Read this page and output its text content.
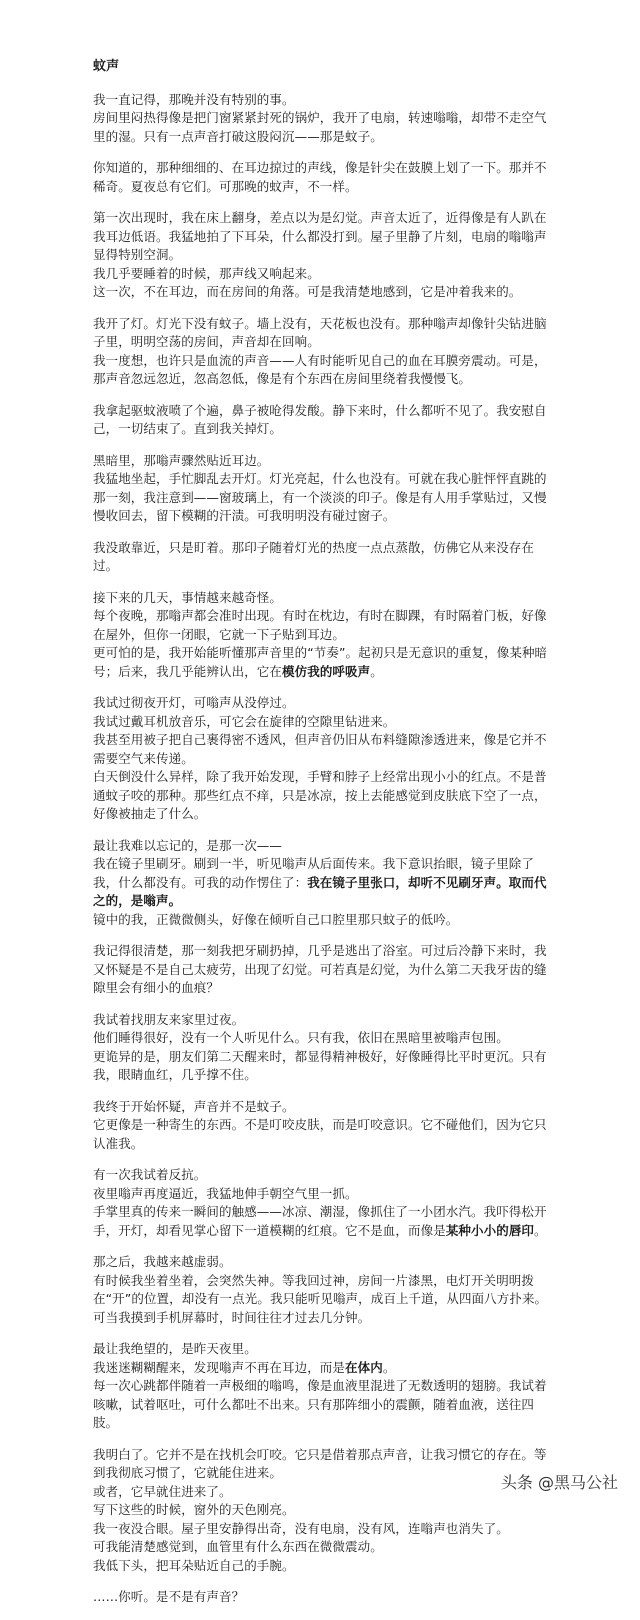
蚊声
我一直记得，那晚并没有特别的事。
房间里闷热得像是把门窗紧紧封死的锅炉，我开了电扇，转速嗡嗡，却带不走空气里的湿。只有一点声音打破这股闷沉——那是蚊子。
你知道的，那种细细的、在耳边掠过的声线，像是针尖在鼓膜上划了一下。那并不稀奇。夏夜总有它们。可那晚的蚊声，不一样。
第一次出现时，我在床上翻身，差点以为是幻觉。声音太近了，近得像是有人趴在我耳边低语。我猛地拍了下耳朵，什么都没打到。屋子里静了片刻，电扇的嗡嗡声显得特别空洞。
我几乎要睡着的时候，那声线又响起来。
这一次，不在耳边，而在房间的角落。可是我清楚地感到，它是冲着我来的。
我开了灯。灯光下没有蚊子。墙上没有，天花板也没有。那种嗡声却像针尖钻进脑子里，明明空荡的房间，声音却在回响。
我一度想，也许只是血流的声音——人有时能听见自己的血在耳膜旁震动。可是，那声音忽远忽近，忽高忽低，像是有个东西在房间里绕着我慢慢飞。
我拿起驱蚊液喷了个遍，鼻子被呛得发酸。静下来时，什么都听不见了。我安慰自己，一切结束了。直到我关掉灯。
黑暗里，那嗡声骤然贴近耳边。
我猛地坐起，手忙脚乱去开灯。灯光亮起，什么也没有。可就在我心脏怦怦直跳的那一刻，我注意到——窗玻璃上，有一个淡淡的印子。像是有人用手掌贴过，又慢慢收回去，留下模糊的汗渍。可我明明没有碰过窗子。
我没敢靠近，只是盯着。那印子随着灯光的热度一点点蒸散，仿佛它从来没存在过。
接下来的几天，事情越来越奇怪。
每个夜晚，那嗡声都会准时出现。有时在枕边，有时在脚踝，有时隔着门板，好像在屋外，但你一闭眼，它就一下子贴到耳边。
更可怕的是，我开始能听懂那声音里的“节奏”。起初只是无意识的重复，像某种暗号；后来，我几乎能辨认出，它在模仿我的呼吸声。
我试过彻夜开灯，可嗡声从没停过。
我试过戴耳机放音乐，可它会在旋律的空隙里钻进来。
我甚至用被子把自己裹得密不透风，但声音仍旧从布料缝隙渗透进来，像是它并不需要空气来传递。
白天倒没什么异样，除了我开始发现，手臂和脖子上经常出现小小的红点。不是普通蚊子咬的那种。那些红点不痒，只是冰凉，按上去能感觉到皮肤底下空了一点，好像被抽走了什么。
最让我难以忘记的，是那一次——
我在镜子里刷牙。刷到一半，听见嗡声从后面传来。我下意识抬眼，镜子里除了我，什么都没有。可我的动作愣住了：我在镜子里张口，却听不见刷牙声。取而代之的，是嗡声。
镜中的我，正微微侧头，好像在倾听自己口腔里那只蚊子的低吟。
我记得很清楚，那一刻我把牙刷扔掉，几乎是逃出了浴室。可过后冷静下来时，我又怀疑是不是自己太疲劳，出现了幻觉。可若真是幻觉，为什么第二天我牙齿的缝隙里会有细小的血痕？
我试着找朋友来家里过夜。
他们睡得很好，没有一个人听见什么。只有我，依旧在黑暗里被嗡声包围。
更诡异的是，朋友们第二天醒来时，都显得精神极好，好像睡得比平时更沉。只有我，眼睛血红，几乎撑不住。
我终于开始怀疑，声音并不是蚊子。
它更像是一种寄生的东西。不是叮咬皮肤，而是叮咬意识。它不碰他们，因为它只认准我。
有一次我试着反抗。
夜里嗡声再度逼近，我猛地伸手朝空气里一抓。
手掌里真的传来一瞬间的触感——冰凉、潮湿，像抓住了一小团水汽。我吓得松开手，开灯，却看见掌心留下一道模糊的红痕。它不是血，而像是某种小小的唇印。
那之后，我越来越虚弱。
有时候我坐着坐着，会突然失神。等我回过神，房间一片漆黑，电灯开关明明拨在“开”的位置，却没有一点光。我只能听见嗡声，成百上千道，从四面八方扑来。
可当我摸到手机屏幕时，时间往往才过去几分钟。
最让我绝望的，是昨天夜里。
我迷迷糊糊醒来，发现嗡声不再在耳边，而是在体内。
每一次心跳都伴随着一声极细的嗡鸣，像是血液里混进了无数透明的翅膀。我试着咳嗽，试着呕吐，可什么都吐不出来。只有那阵细小的震颤，随着血液，送往四肢。
我明白了。它并不是在找机会叮咬。它只是借着那点声音，让我习惯它的存在。等到我彻底习惯了，它就能住进来。
或者，它早就住进来了。
写下这些的时候，窗外的天色刚亮。
我一夜没合眼。屋子里安静得出奇，没有电扇，没有风，连嗡声也消失了。
可我能清楚感觉到，血管里有什么东西在微微震动。
我低下头，把耳朵贴近自己的手腕。
……你听。是不是有声音？
头条 @黑马公社
